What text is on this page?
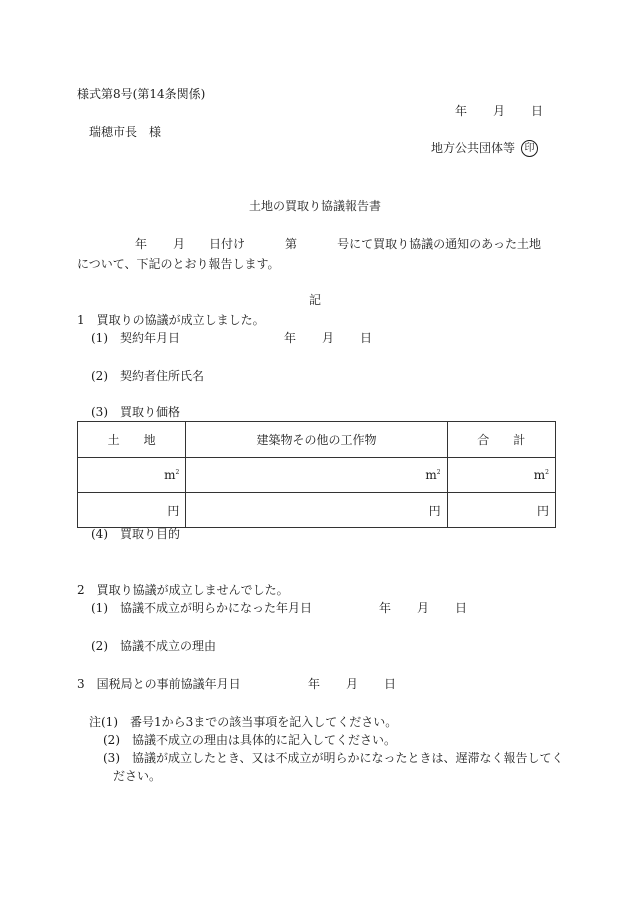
様式第8号(第14条関係)
年 月 日
瑞穂市長　様
地方公共団体等 印
土地の買取り協議報告書
年 月 日付け	第	号にて買取り協議の通知のあった土地
について、下記のとおり報告します。
記
1　買取りの協議が成立しました。
(1) 契約年月日	年 月 日
(2) 契約者住所氏名
(3) 買取り価格
土　　地	建築物その他の工作物	合　　計
$m^2$	$m^2$	$m^2$
円	円	円
(4) 買取り目的
2　買取り協議が成立しませんでした。
(1) 協議不成立が明らかになった年月日	年 月 日
(2) 協議不成立の理由
3　国税局との事前協議年月日	年 月 日
注(1) 番号1から3までの該当事項を記入してください。
(2) 協議不成立の理由は具体的に記入してください。
(3) 協議が成立したとき、又は不成立が明らかになったときは、遅滞なく報告してく
ださい。
